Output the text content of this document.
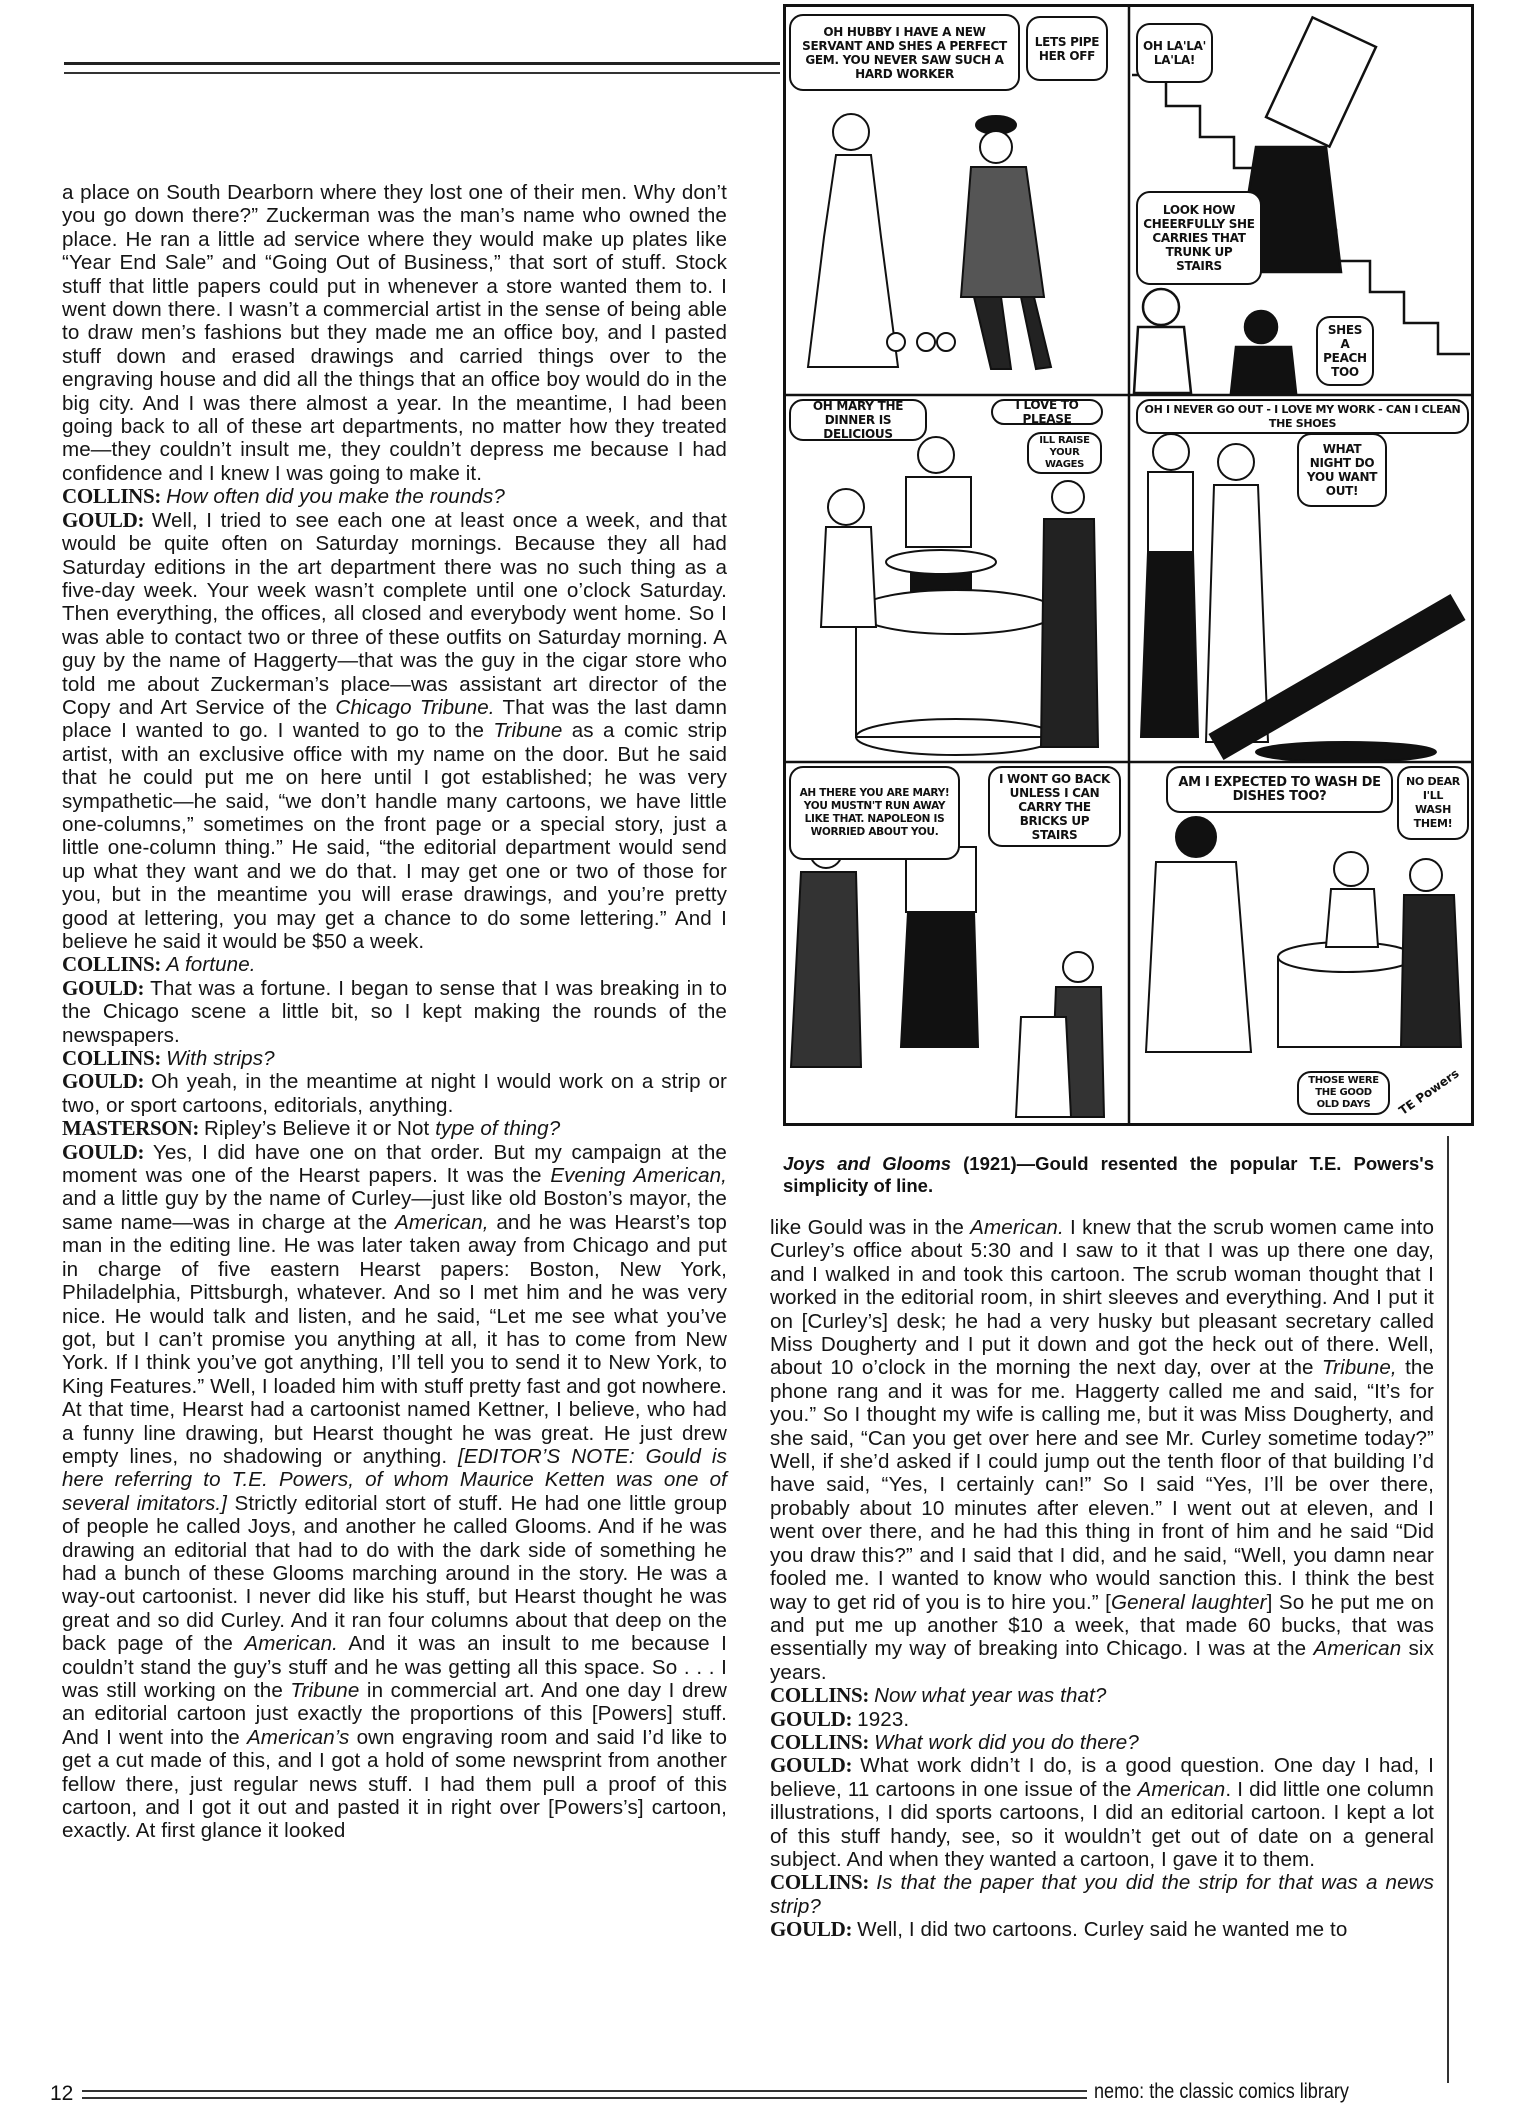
a place on South Dearborn where they lost one of their men. Why don’t you go down there?” Zuckerman was the man’s name who owned the place. He ran a little ad service where they would make up plates like “Year End Sale” and “Going Out of Business,” that sort of stuff. Stock stuff that little papers could put in whenever a store wanted them to. I went down there. I wasn’t a commercial artist in the sense of being able to draw men’s fashions but they made me an office boy, and I pasted stuff down and erased drawings and carried things over to the engraving house and did all the things that an office boy would do in the big city. And I was there almost a year. In the meantime, I had been going back to all of these art departments, no matter how they treated me—they couldn’t insult me, they couldn’t depress me because I had confidence and I knew I was going to make it.

COLLINS: How often did you make the rounds?

GOULD: Well, I tried to see each one at least once a week, and that would be quite often on Saturday mornings. Because they all had Saturday editions in the art department there was no such thing as a five-day week. Your week wasn’t complete until one o’clock Saturday. Then everything, the offices, all closed and everybody went home. So I was able to contact two or three of these outfits on Saturday morning. A guy by the name of Haggerty—that was the guy in the cigar store who told me about Zuckerman’s place—was assistant art director of the Copy and Art Service of the Chicago Tribune. That was the last damn place I wanted to go. I wanted to go to the Tribune as a comic strip artist, with an exclusive office with my name on the door. But he said that he could put me on here until I got established; he was very sympathetic—he said, “we don’t handle many cartoons, we have little one-columns,” sometimes on the front page or a special story, just a little one-column thing.” He said, “the editorial department would send up what they want and we do that. I may get one or two of those for you, but in the meantime you will erase drawings, and you’re pretty good at lettering, you may get a chance to do some lettering.” And I believe he said it would be $50 a week.

COLLINS: A fortune.

GOULD: That was a fortune. I began to sense that I was breaking in to the Chicago scene a little bit, so I kept making the rounds of the newspapers.

COLLINS: With strips?

GOULD: Oh yeah, in the meantime at night I would work on a strip or two, or sport cartoons, editorials, anything.

MASTERSON: Ripley’s Believe it or Not type of thing?

GOULD: Yes, I did have one on that order. But my campaign at the moment was one of the Hearst papers. It was the Evening American, and a little guy by the name of Curley—just like old Boston’s mayor, the same name—was in charge at the American, and he was Hearst’s top man in the editing line. He was later taken away from Chicago and put in charge of five eastern Hearst papers: Boston, New York, Philadelphia, Pittsburgh, whatever. And so I met him and he was very nice. He would talk and listen, and he said, “Let me see what you’ve got, but I can’t promise you anything at all, it has to come from New York. If I think you’ve got anything, I’ll tell you to send it to New York, to King Features.” Well, I loaded him with stuff pretty fast and got nowhere. At that time, Hearst had a cartoonist named Kettner, I believe, who had a funny line drawing, but Hearst thought he was great. He just drew empty lines, no shadowing or anything. [EDITOR’S NOTE: Gould is here referring to T.E. Powers, of whom Maurice Ketten was one of several imitators.] Strictly editorial stort of stuff. He had one little group of people he called Joys, and another he called Glooms. And if he was drawing an editorial that had to do with the dark side of something he had a bunch of these Glooms marching around in the story. He was a way-out cartoonist. I never did like his stuff, but Hearst thought he was great and so did Curley. And it ran four columns about that deep on the back page of the American. And it was an insult to me because I couldn’t stand the guy’s stuff and he was getting all this space. So . . . I was still working on the Tribune in commercial art. And one day I drew an editorial cartoon just exactly the proportions of this [Powers] stuff. And I went into the American’s own engraving room and said I’d like to get a cut made of this, and I got a hold of some newsprint from another fellow there, just regular news stuff. I had them pull a proof of this cartoon, and I got it out and pasted it in right over [Powers’s] cartoon, exactly. At first glance it looked

OH HUBBY I HAVE A NEW SERVANT AND SHES A PERFECT GEM. YOU NEVER SAW SUCH A HARD WORKER
LETS PIPE HER OFF
OH LA'LA' LA'LA!
LOOK HOW CHEERFULLY SHE CARRIES THAT TRUNK UP STAIRS
SHES A PEACH TOO
OH MARY THE DINNER IS DELICIOUS
I LOVE TO PLEASE
ILL RAISE YOUR WAGES
OH I NEVER GO OUT - I LOVE MY WORK - CAN I CLEAN THE SHOES
WHAT NIGHT DO YOU WANT OUT!
AH THERE YOU ARE MARY! YOU MUSTN'T RUN AWAY LIKE THAT. NAPOLEON IS WORRIED ABOUT YOU.
I WONT GO BACK UNLESS I CAN CARRY THE BRICKS UP STAIRS
AM I EXPECTED TO WASH DE DISHES TOO?
NO DEAR I'LL WASH THEM!
THOSE WERE THE GOOD OLD DAYS	TE Powers
Joys and Glooms (1921)—Gould resented the popular T.E. Powers's simplicity of line.

like Gould was in the American. I knew that the scrub women came into Curley’s office about 5:30 and I saw to it that I was up there one day, and I walked in and took this cartoon. The scrub woman thought that I worked in the editorial room, in shirt sleeves and everything. And I put it on [Curley’s] desk; he had a very husky but pleasant secretary called Miss Dougherty and I put it down and got the heck out of there. Well, about 10 o’clock in the morning the next day, over at the Tribune, the phone rang and it was for me. Haggerty called me and said, “It’s for you.” So I thought my wife is calling me, but it was Miss Dougherty, and she said, “Can you get over here and see Mr. Curley sometime today?” Well, if she’d asked if I could jump out the tenth floor of that building I’d have said, “Yes, I certainly can!” So I said “Yes, I’ll be over there, probably about 10 minutes after eleven.” I went out at eleven, and I went over there, and he had this thing in front of him and he said “Did you draw this?” and I said that I did, and he said, “Well, you damn near fooled me. I wanted to know who would sanction this. I think the best way to get rid of you is to hire you.” [General laughter] So he put me on and put me up another $10 a week, that made 60 bucks, that was essentially my way of breaking into Chicago. I was at the American six years.

COLLINS: Now what year was that?

GOULD: 1923.

COLLINS: What work did you do there?

GOULD: What work didn’t I do, is a good question. One day I had, I believe, 11 cartoons in one issue of the American. I did little one column illustrations, I did sports cartoons, I did an editorial cartoon. I kept a lot of this stuff handy, see, so it wouldn’t get out of date on a general subject. And when they wanted a cartoon, I gave it to them.

COLLINS: Is that the paper that you did the strip for that was a news strip?

GOULD: Well, I did two cartoons. Curley said he wanted me to

12	nemo: the classic comics library
